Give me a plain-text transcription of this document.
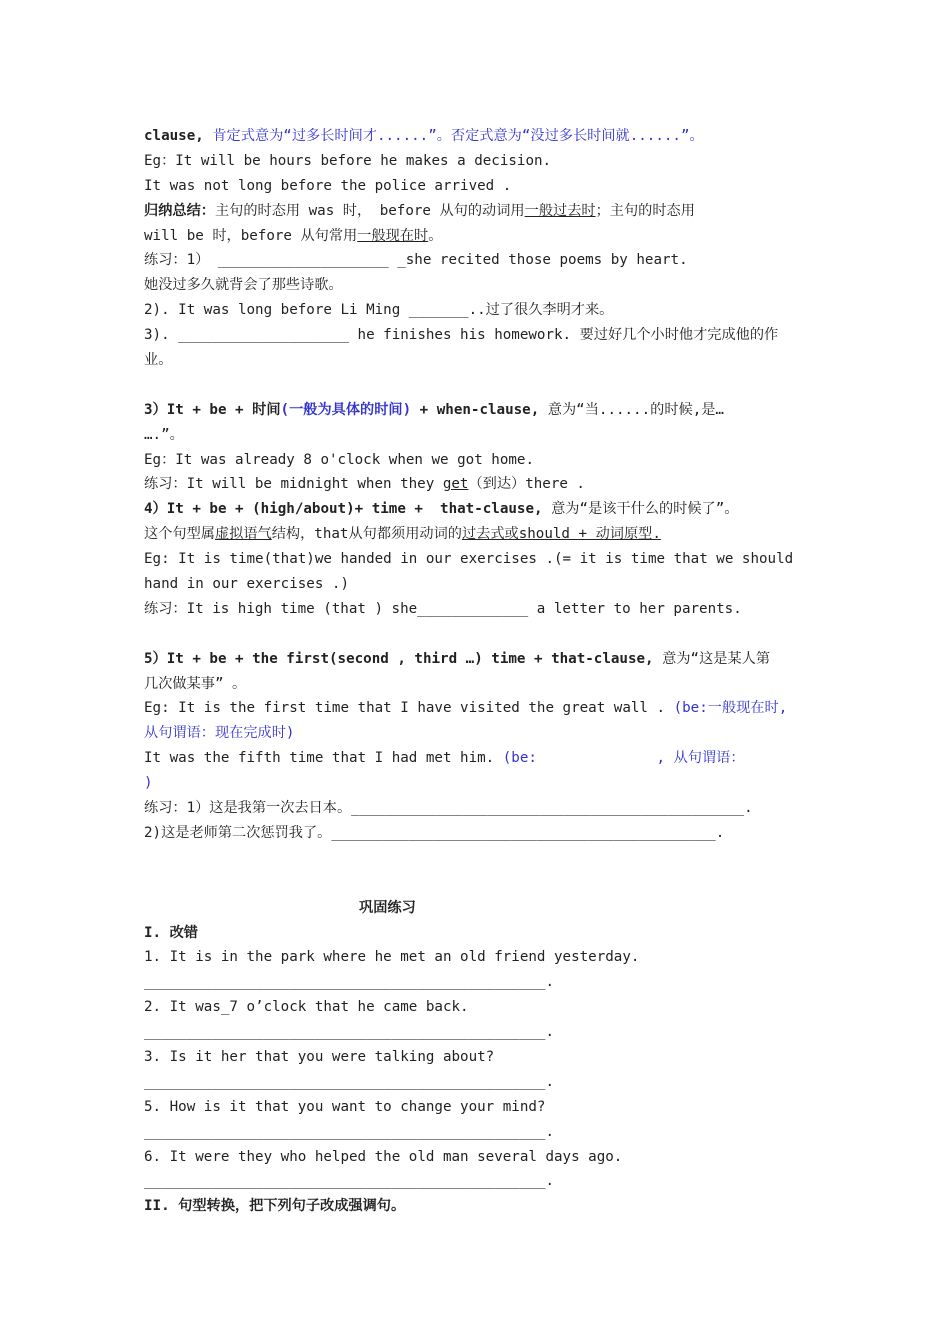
clause, 肯定式意为“过多长时间才......”。否定式意为“没过多长时间就......”。
Eg：It will be hours before he makes a decision.
It was not long before the police arrived .
归纳总结：主句的时态用 was 时， before 从句的动词用一般过去时；主句的时态用
will be 时，before 从句常用一般现在时。
练习：1） ____________________ _she recited those poems by heart.
她没过多久就背会了那些诗歌。
2). It was long before Li Ming _______..过了很久李明才来。
3). ____________________ he finishes his homework. 要过好几个小时他才完成他的作
业。
3）It + be + 时间(一般为具体的时间) + when-clause, 意为“当......的时候,是…
….”。
Eg：It was already 8 o'clock when we got home.
练习：It will be midnight when they get（到达）there .
4）It + be + (high/about)+ time +  that-clause, 意为“是该干什么的时候了”。
这个句型属虚拟语气结构，that从句都须用动词的过去式或should + 动词原型.
Eg: It is time(that)we handed in our exercises .(= it is time that we should
hand in our exercises .)
练习：It is high time (that ) she_____________ a letter to her parents.
5）It + be + the first(second , third …) time + that-clause, 意为“这是某人第
几次做某事” 。
Eg: It is the first time that I have visited the great wall . (be:一般现在时,
从句谓语：现在完成时)
It was the fifth time that I had met him. (be:              , 从句谓语：
)
练习：1）这是我第一次去日本。______________________________________________.
2)这是老师第二次惩罚我了。_____________________________________________.
巩固练习
I. 改错
1. It is in the park where he met an old friend yesterday.
_______________________________________________.
2. It was_7 o’clock that he came back.
_______________________________________________.
3. Is it her that you were talking about?
_______________________________________________.
5. How is it that you want to change your mind?
_______________________________________________.
6. It were they who helped the old man several days ago.
_______________________________________________.
II. 句型转换，把下列句子改成强调句。
